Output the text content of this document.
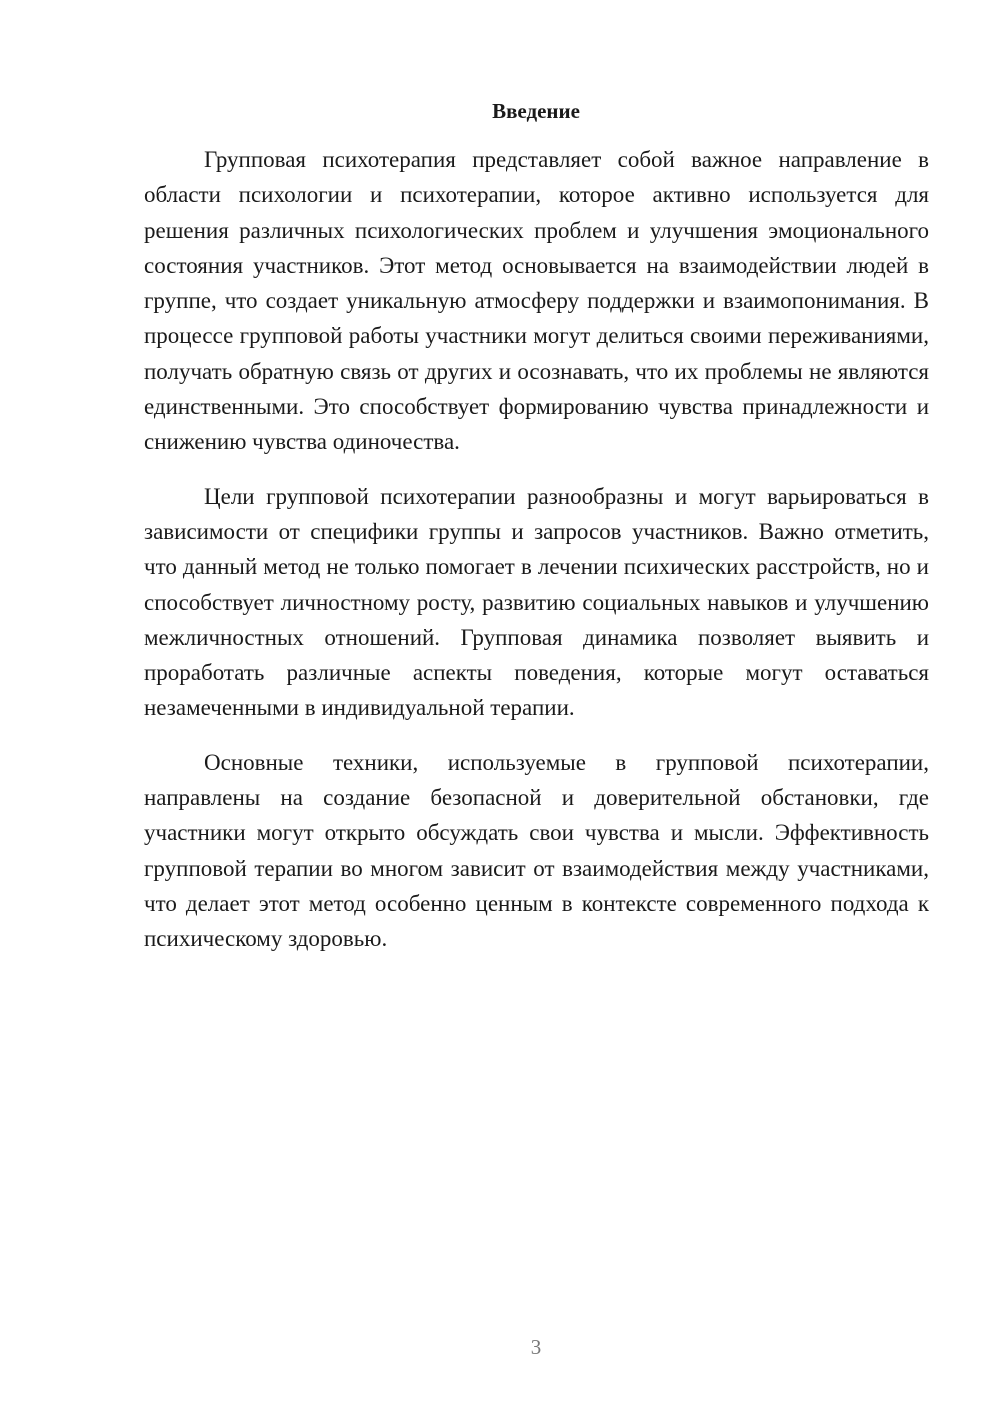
Введение

Групповая психотерапия представляет собой важное направление в области психологии и психотерапии, которое активно используется для решения различных психологических проблем и улучшения эмоционального состояния участников. Этот метод основывается на взаимодействии людей в группе, что создает уникальную атмосферу поддержки и взаимопонимания. В процессе групповой работы участники могут делиться своими переживаниями, получать обратную связь от других и осознавать, что их проблемы не являются единственными. Это способствует формированию чувства принадлежности и снижению чувства одиночества.

Цели групповой психотерапии разнообразны и могут варьироваться в зависимости от специфики группы и запросов участников. Важно отметить, что данный метод не только помогает в лечении психических расстройств, но и способствует личностному росту, развитию социальных навыков и улучшению межличностных отношений. Групповая динамика позволяет выявить и проработать различные аспекты поведения, которые могут оставаться незамеченными в индивидуальной терапии.

Основные техники, используемые в групповой психотерапии, направлены на создание безопасной и доверительной обстановки, где участники могут открыто обсуждать свои чувства и мысли. Эффективность групповой терапии во многом зависит от взаимодействия между участниками, что делает этот метод особенно ценным в контексте современного подхода к психическому здоровью.

3
